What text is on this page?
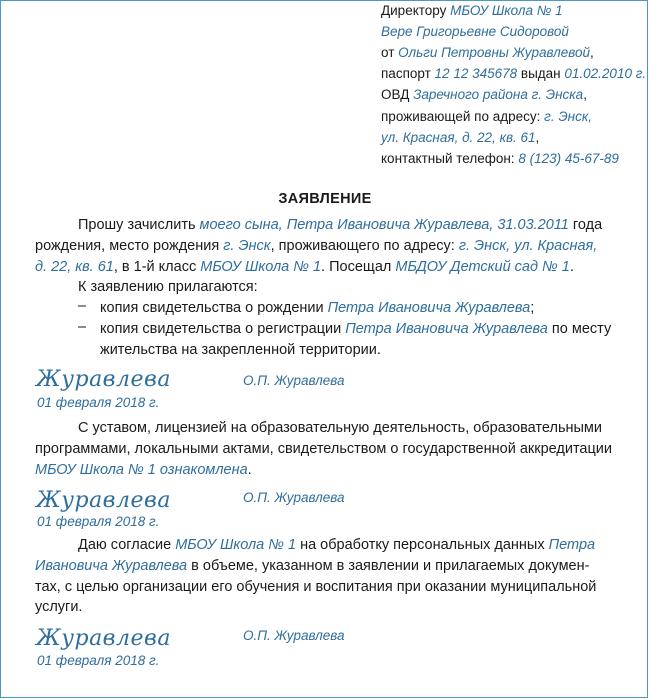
Директору МБОУ Школа № 1
Вере Григорьевне Сидоровой
от Ольги Петровны Журавлевой,
паспорт 12 12 345678 выдан 01.02.2010 г.
ОВД Заречного района г. Энска,
проживающей по адресу: г. Энск,
ул. Красная, д. 22, кв. 61,
контактный телефон: 8 (123) 45-67-89
ЗАЯВЛЕНИЕ
Прошу зачислить моего сына, Петра Ивановича Журавлева, 31.03.2011 года
рождения, место рождения г. Энск, проживающего по адресу: г. Энск, ул. Красная,
д. 22, кв. 61, в 1-й класс МБОУ Школа № 1. Посещал МБДОУ Детский сад № 1.
К заявлению прилагаются:
– копия свидетельства о рождении Петра Ивановича Журавлева;
– копия свидетельства о регистрации Петра Ивановича Журавлева по месту
жительства на закрепленной территории.
Журавлева	О.П. Журавлева
01 февраля 2018 г.
С уставом, лицензией на образовательную деятельность, образовательными
программами, локальными актами, свидетельством о государственной аккредитации
МБОУ Школа № 1 ознакомлена.
Журавлева	О.П. Журавлева
01 февраля 2018 г.
Даю согласие МБОУ Школа № 1 на обработку персональных данных Петра
Ивановича Журавлева в объеме, указанном в заявлении и прилагаемых докумен-
тах, с целью организации его обучения и воспитания при оказании муниципальной
услуги.
Журавлева	О.П. Журавлева
01 февраля 2018 г.
